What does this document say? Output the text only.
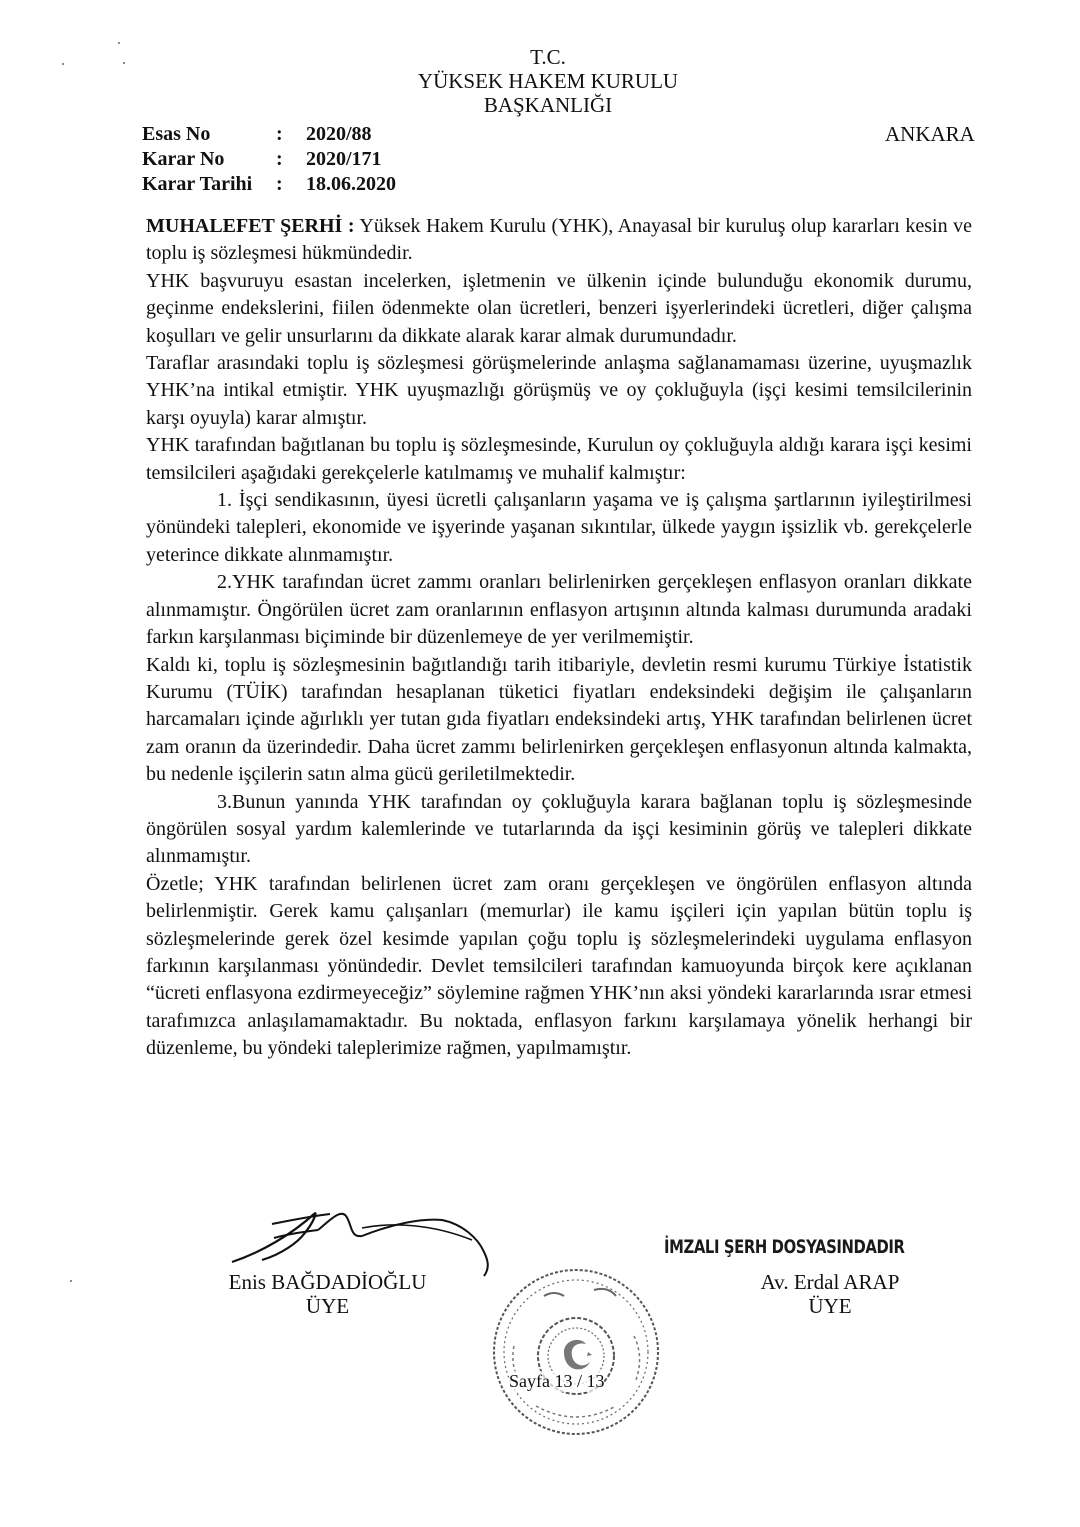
T.C.
YÜKSEK HAKEM KURULU
BAŞKANLIĞI
Esas No	: 2020/88
Karar No	: 2020/171
Karar Tarihi : 18.06.2020
ANKARA

MUHALEFET ŞERHİ : Yüksek Hakem Kurulu (YHK), Anayasal bir kuruluş olup kararları kesin ve toplu iş sözleşmesi hükmündedir.

YHK başvuruyu esastan incelerken, işletmenin ve ülkenin içinde bulunduğu ekonomik durumu, geçinme endekslerini, fiilen ödenmekte olan ücretleri, benzeri işyerlerindeki ücretleri, diğer çalışma koşulları ve gelir unsurlarını da dikkate alarak karar almak durumundadır.

Taraflar arasındaki toplu iş sözleşmesi görüşmelerinde anlaşma sağlanamaması üzerine, uyuşmazlık YHK’na intikal etmiştir. YHK uyuşmazlığı görüşmüş ve oy çokluğuyla (işçi kesimi temsilcilerinin karşı oyuyla) karar almıştır.

YHK tarafından bağıtlanan bu toplu iş sözleşmesinde, Kurulun oy çokluğuyla aldığı karara işçi kesimi temsilcileri aşağıdaki gerekçelerle katılmamış ve muhalif kalmıştır:

1. İşçi sendikasının, üyesi ücretli çalışanların yaşama ve iş çalışma şartlarının iyileştirilmesi yönündeki talepleri, ekonomide ve işyerinde yaşanan sıkıntılar, ülkede yaygın işsizlik vb. gerekçelerle yeterince dikkate alınmamıştır.

2.YHK tarafından ücret zammı oranları belirlenirken gerçekleşen enflasyon oranları dikkate alınmamıştır. Öngörülen ücret zam oranlarının enflasyon artışının altında kalması durumunda aradaki farkın karşılanması biçiminde bir düzenlemeye de yer verilmemiştir.

Kaldı ki, toplu iş sözleşmesinin bağıtlandığı tarih itibariyle, devletin resmi kurumu Türkiye İstatistik Kurumu (TÜİK) tarafından hesaplanan tüketici fiyatları endeksindeki değişim ile çalışanların harcamaları içinde ağırlıklı yer tutan gıda fiyatları endeksindeki artış, YHK tarafından belirlenen ücret zam oranın da üzerindedir. Daha ücret zammı belirlenirken gerçekleşen enflasyonun altında kalmakta, bu nedenle işçilerin satın alma gücü geriletilmektedir.

3.Bunun yanında YHK tarafından oy çokluğuyla karara bağlanan toplu iş sözleşmesinde öngörülen sosyal yardım kalemlerinde ve tutarlarında da işçi kesiminin görüş ve talepleri dikkate alınmamıştır.

Özetle; YHK tarafından belirlenen ücret zam oranı gerçekleşen ve öngörülen enflasyon altında belirlenmiştir. Gerek kamu çalışanları (memurlar) ile kamu işçileri için yapılan bütün toplu iş sözleşmelerinde gerek özel kesimde yapılan çoğu toplu iş sözleşmelerindeki uygulama enflasyon farkının karşılanması yönündedir. Devlet temsilcileri tarafından kamuoyunda birçok kere açıklanan “ücreti enflasyona ezdirmeyeceğiz” söylemine rağmen YHK’nın aksi yöndeki kararlarında ısrar etmesi tarafımızca anlaşılamamaktadır. Bu noktada, enflasyon farkını karşılamaya yönelik herhangi bir düzenleme, bu yöndeki taleplerimize rağmen, yapılmamıştır.

Enis BAĞDADİOĞLU
ÜYE
İMZALI ŞERH DOSYASINDADIR
Av. Erdal ARAP
ÜYE
Sayfa 13 / 13
